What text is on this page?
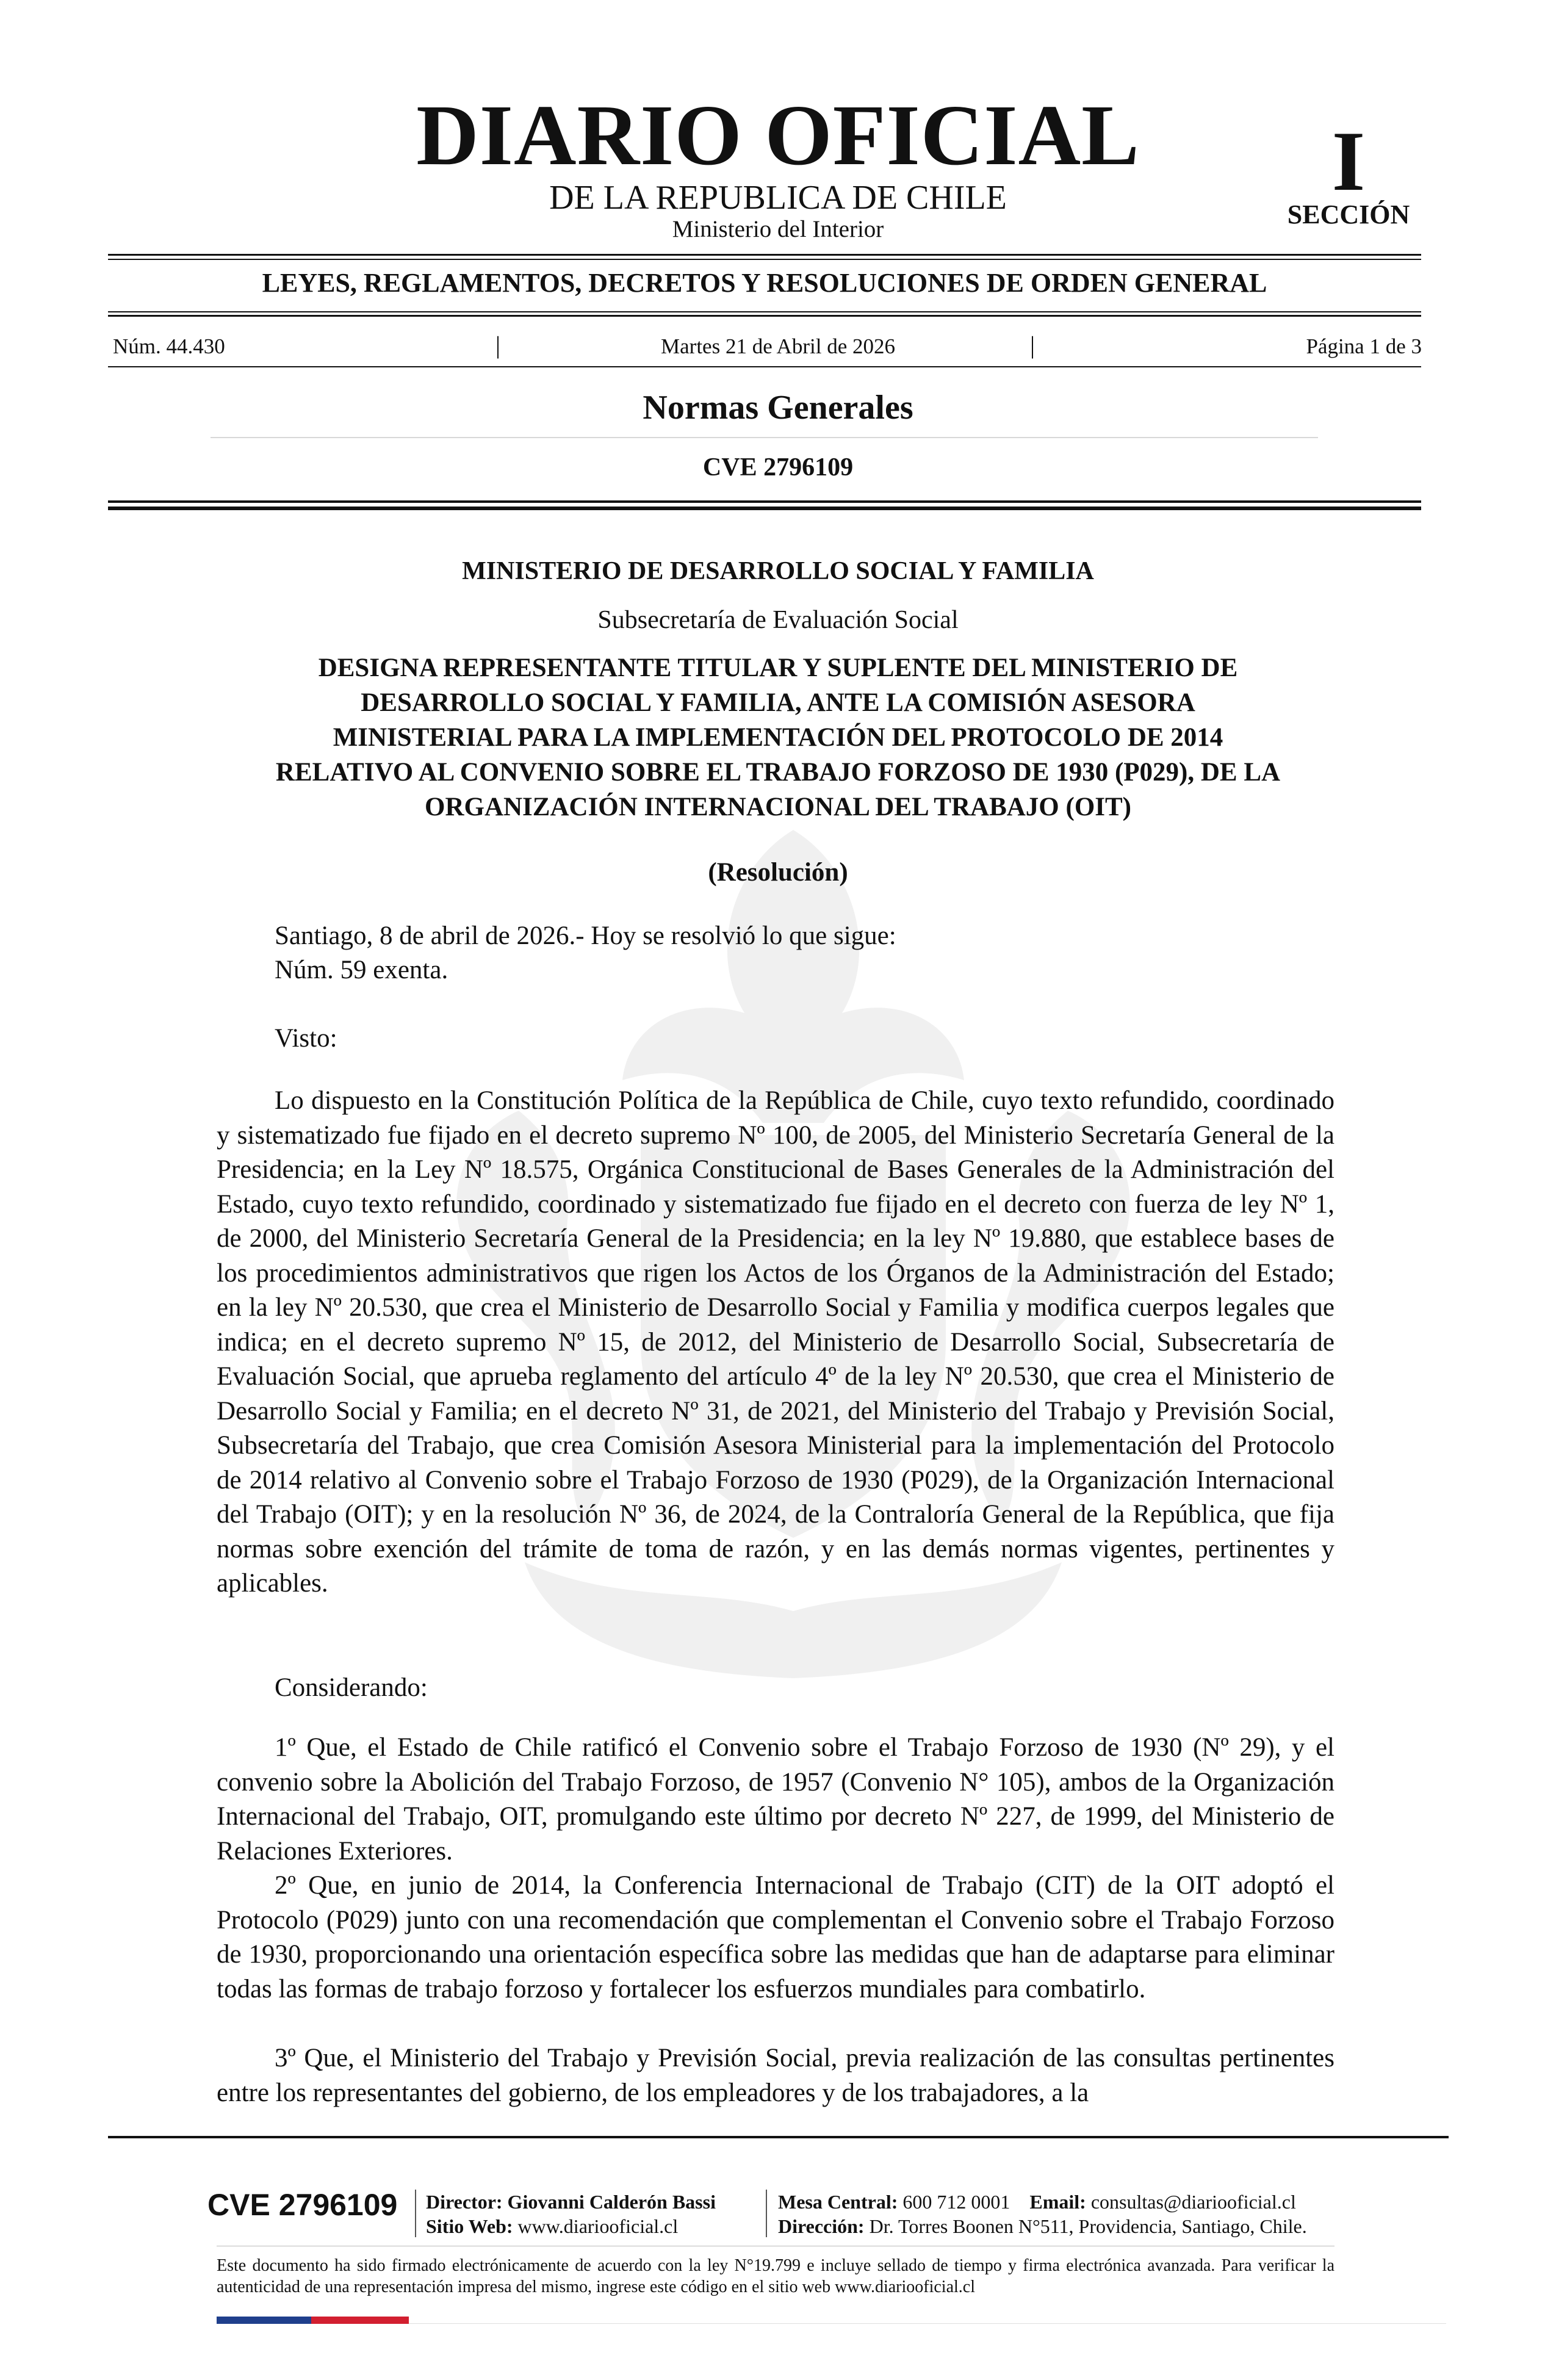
DIARIO OFICIAL
DE LA REPUBLICA DE CHILE
Ministerio del Interior
I
SECCIÓN
LEYES, REGLAMENTOS, DECRETOS Y RESOLUCIONES DE ORDEN GENERAL
Núm. 44.430	|	Martes 21 de Abril de 2026	|	Página 1 de 3
Normas Generales
CVE 2796109
MINISTERIO DE DESARROLLO SOCIAL Y FAMILIA
Subsecretaría de Evaluación Social
DESIGNA REPRESENTANTE TITULAR Y SUPLENTE DEL MINISTERIO DE
DESARROLLO SOCIAL Y FAMILIA, ANTE LA COMISIÓN ASESORA
MINISTERIAL PARA LA IMPLEMENTACIÓN DEL PROTOCOLO DE 2014
RELATIVO AL CONVENIO SOBRE EL TRABAJO FORZOSO DE 1930 (P029), DE LA
ORGANIZACIÓN INTERNACIONAL DEL TRABAJO (OIT)
(Resolución)
Santiago, 8 de abril de 2026.- Hoy se resolvió lo que sigue:
Núm. 59 exenta.
Visto:

Lo dispuesto en la Constitución Política de la República de Chile, cuyo texto refundido, coordinado y sistematizado fue fijado en el decreto supremo Nº 100, de 2005, del Ministerio Secretaría General de la Presidencia; en la Ley Nº 18.575, Orgánica Constitucional de Bases Generales de la Administración del Estado, cuyo texto refundido, coordinado y sistematizado fue fijado en el decreto con fuerza de ley Nº 1, de 2000, del Ministerio Secretaría General de la Presidencia; en la ley Nº 19.880, que establece bases de los procedimientos administrativos que rigen los Actos de los Órganos de la Administración del Estado; en la ley Nº 20.530, que crea el Ministerio de Desarrollo Social y Familia y modifica cuerpos legales que indica; en el decreto supremo Nº 15, de 2012, del Ministerio de Desarrollo Social, Subsecretaría de Evaluación Social, que aprueba reglamento del artículo 4º de la ley Nº 20.530, que crea el Ministerio de Desarrollo Social y Familia; en el decreto Nº 31, de 2021, del Ministerio del Trabajo y Previsión Social, Subsecretaría del Trabajo, que crea Comisión Asesora Ministerial para la implementación del Protocolo de 2014 relativo al Convenio sobre el Trabajo Forzoso de 1930 (P029), de la Organización Internacional del Trabajo (OIT); y en la resolución Nº 36, de 2024, de la Contraloría General de la República, que fija normas sobre exención del trámite de toma de razón, y en las demás normas vigentes, pertinentes y aplicables.

Considerando:

1º Que, el Estado de Chile ratificó el Convenio sobre el Trabajo Forzoso de 1930 (Nº 29), y el convenio sobre la Abolición del Trabajo Forzoso, de 1957 (Convenio N° 105), ambos de la Organización Internacional del Trabajo, OIT, promulgando este último por decreto Nº 227, de 1999, del Ministerio de Relaciones Exteriores.

2º Que, en junio de 2014, la Conferencia Internacional de Trabajo (CIT) de la OIT adoptó el Protocolo (P029) junto con una recomendación que complementan el Convenio sobre el Trabajo Forzoso de 1930, proporcionando una orientación específica sobre las medidas que han de adaptarse para eliminar todas las formas de trabajo forzoso y fortalecer los esfuerzos mundiales para combatirlo.

3º Que, el Ministerio del Trabajo y Previsión Social, previa realización de las consultas pertinentes entre los representantes del gobierno, de los empleadores y de los trabajadores, a la

CVE 2796109 Director: Giovanni Calderón Bassi
Sitio Web: www.diariooficial.cl
Mesa Central: 600 712 0001 Email: consultas@diariooficial.cl
Dirección: Dr. Torres Boonen N°511, Providencia, Santiago, Chile.
Este documento ha sido firmado electrónicamente de acuerdo con la ley N°19.799 e incluye sellado de tiempo y firma electrónica avanzada. Para verificar la autenticidad de una representación impresa del mismo, ingrese este código en el sitio web www.diariooficial.cl
